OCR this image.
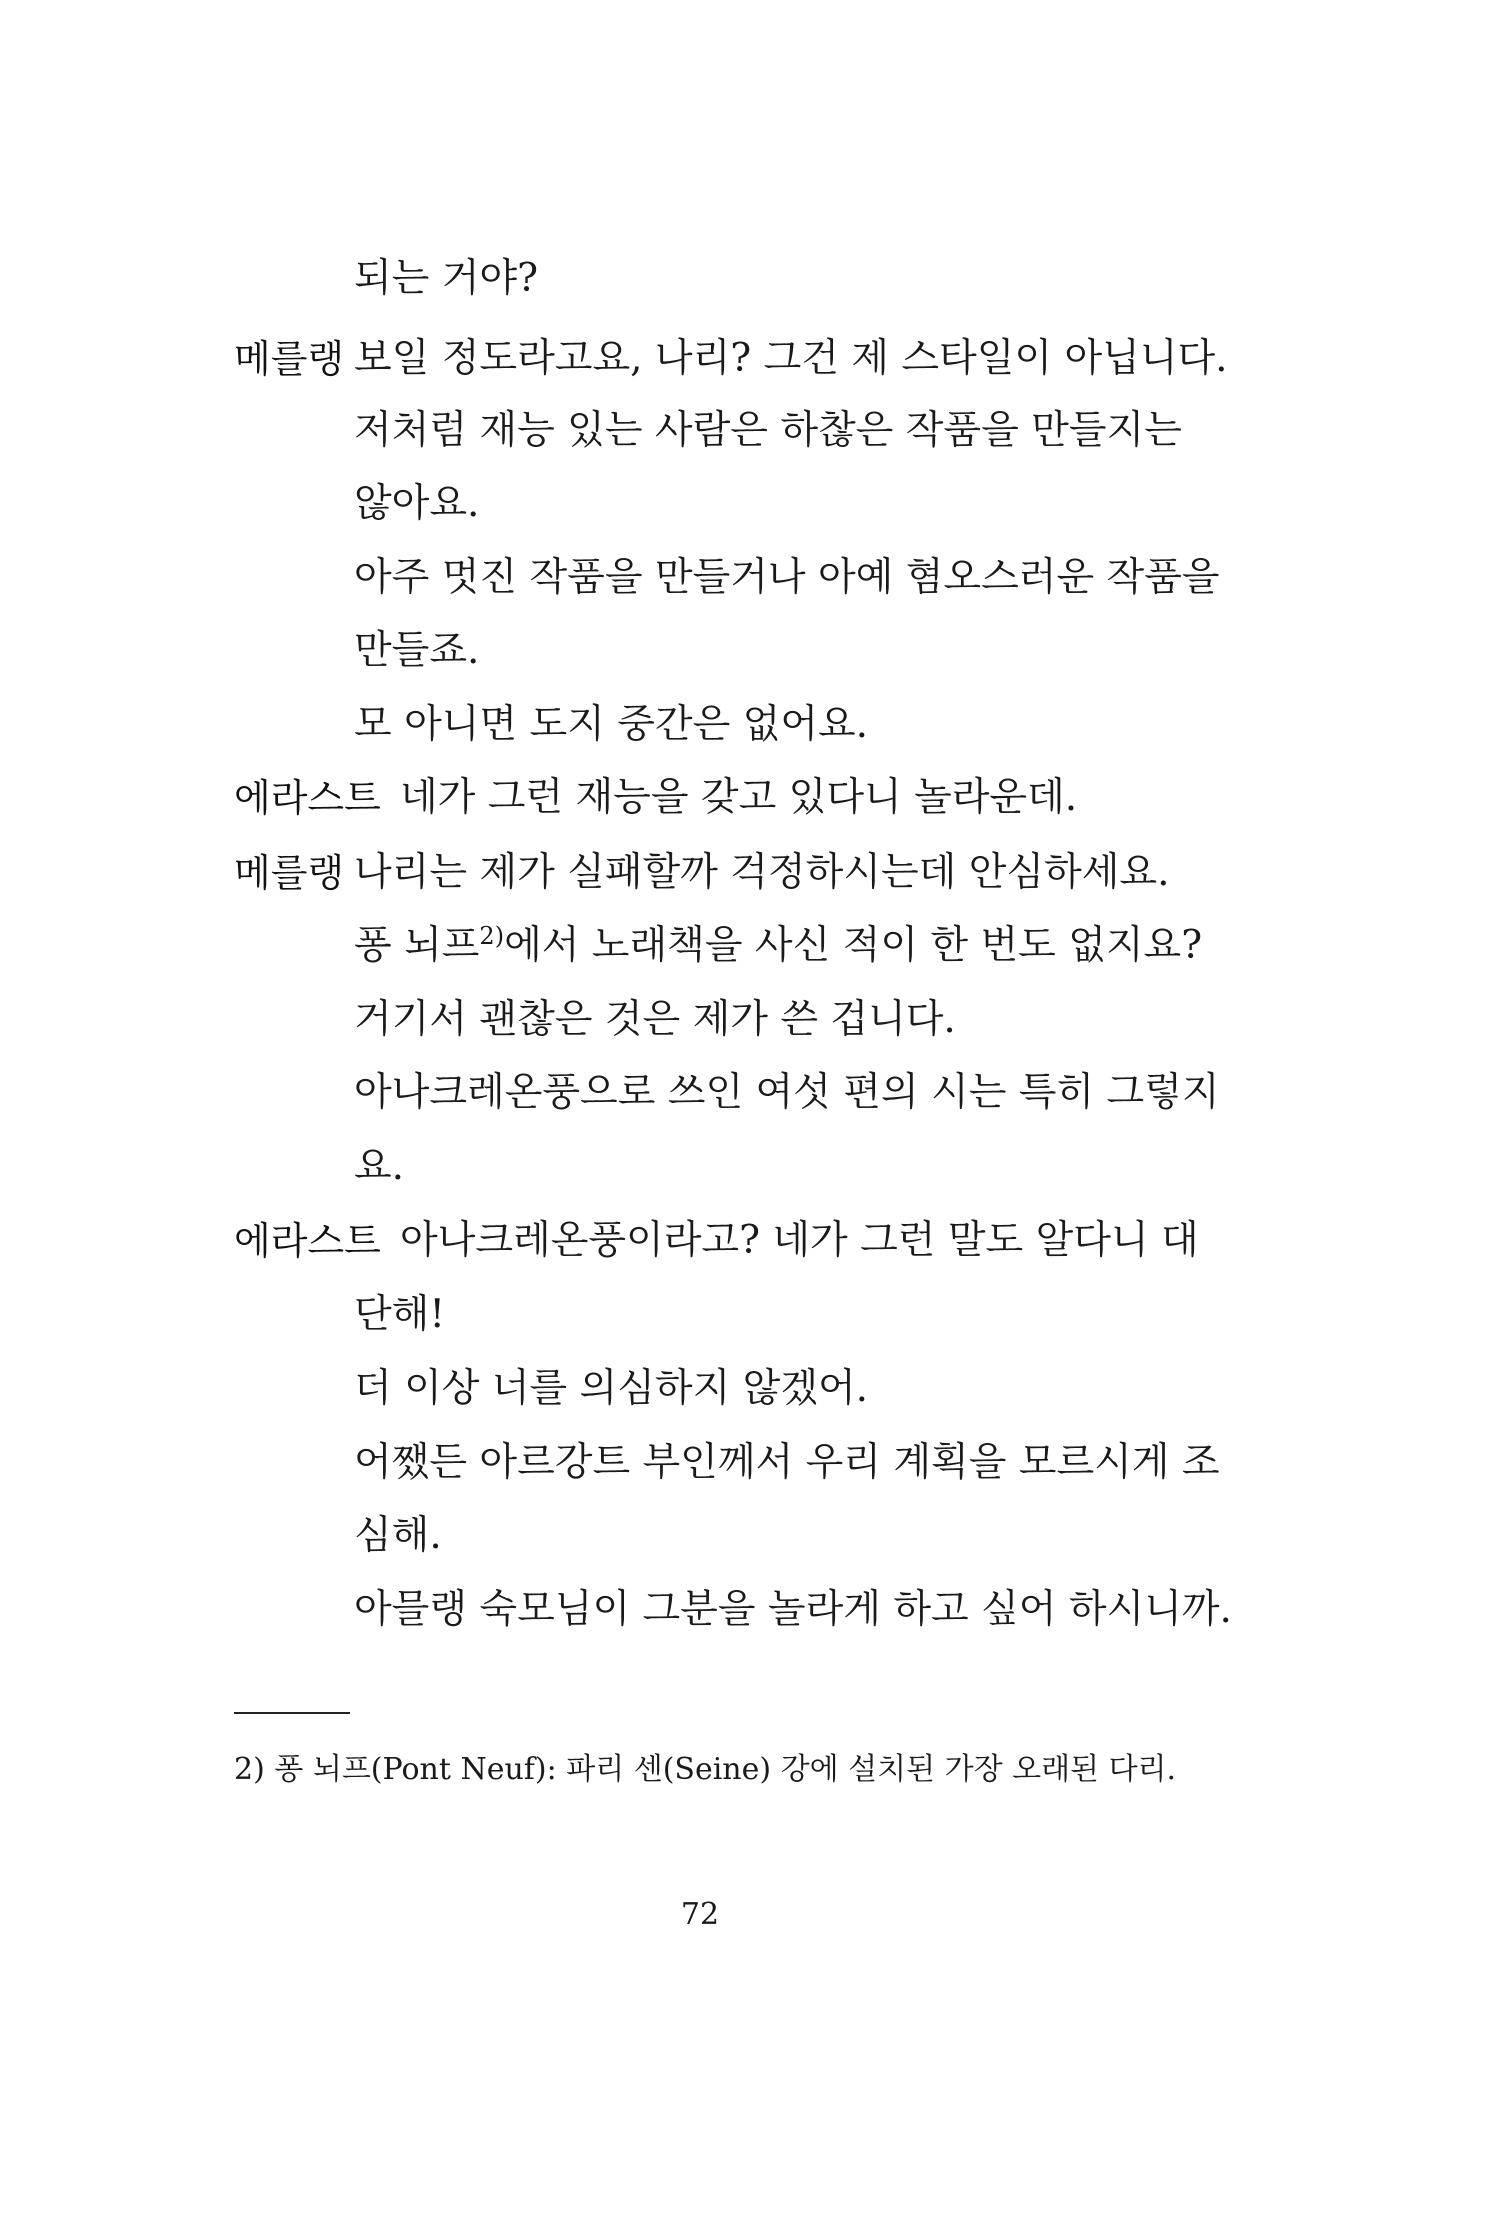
되는 거야?
메를랭 보일 정도라고요, 나리? 그건 제 스타일이 아닙니다.
저처럼 재능 있는 사람은 하찮은 작품을 만들지는
않아요.
아주 멋진 작품을 만들거나 아예 혐오스러운 작품을
만들죠.
모 아니면 도지 중간은 없어요.
에라스트 네가 그런 재능을 갖고 있다니 놀라운데.
메를랭 나리는 제가 실패할까 걱정하시는데 안심하세요.
퐁 뇌프$^{2)}$에서 노래책을 사신 적이 한 번도 없지요?
거기서 괜찮은 것은 제가 쓴 겁니다.
아나크레온풍으로 쓰인 여섯 편의 시는 특히 그렇지
요.
에라스트 아나크레온풍이라고? 네가 그런 말도 알다니 대
단해!
더 이상 너를 의심하지 않겠어.
어쨌든 아르강트 부인께서 우리 계획을 모르시게 조
심해.
아믈랭 숙모님이 그분을 놀라게 하고 싶어 하시니까.
2) 퐁 뇌프(Pont Neuf): 파리 센(Seine) 강에 설치된 가장 오래된 다리.
72
